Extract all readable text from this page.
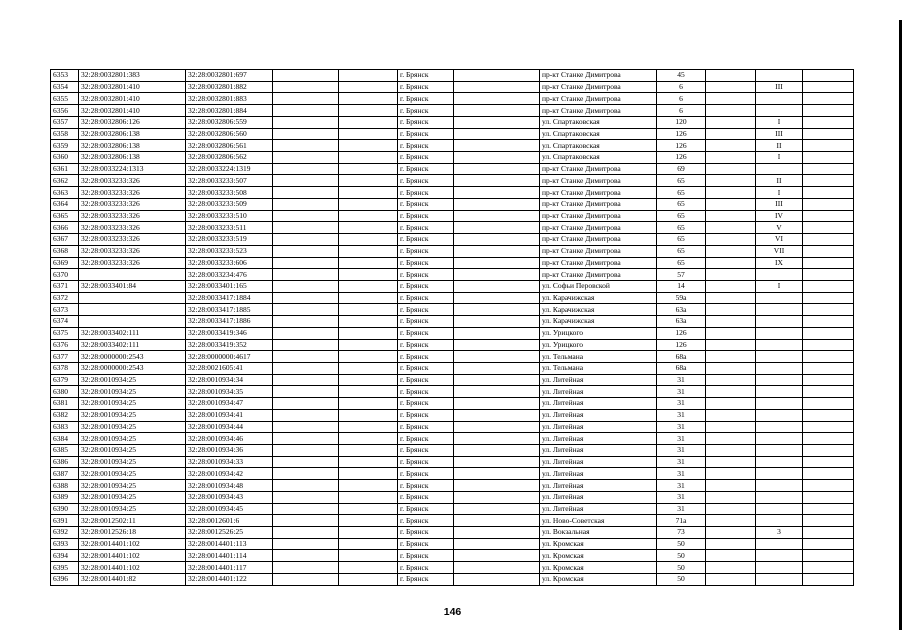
6353	32:28:0032801:383	32:28:0032801:697			г. Брянск		пр-кт Станке Димитрова	45			
6354	32:28:0032801:410	32:28:0032801:882			г. Брянск		пр-кт Станке Димитрова	6		III	
6355	32:28:0032801:410	32:28:0032801:883			г. Брянск		пр-кт Станке Димитрова	6			
6356	32:28:0032801:410	32:28:0032801:884			г. Брянск		пр-кт Станке Димитрова	6			
6357	32:28:0032806:126	32:28:0032806:559			г. Брянск		ул. Спартаковская	120		I	
6358	32:28:0032806:138	32:28:0032806:560			г. Брянск		ул. Спартаковская	126		III	
6359	32:28:0032806:138	32:28:0032806:561			г. Брянск		ул. Спартаковская	126		II	
6360	32:28:0032806:138	32:28:0032806:562			г. Брянск		ул. Спартаковская	126		I	
6361	32:28:0033224:1313	32:28:0033224:1319			г. Брянск		пр-кт Станке Димитрова	69			
6362	32:28:0033233:326	32:28:0033233:507			г. Брянск		пр-кт Станке Димитрова	65		II	
6363	32:28:0033233:326	32:28:0033233:508			г. Брянск		пр-кт Станке Димитрова	65		I	
6364	32:28:0033233:326	32:28:0033233:509			г. Брянск		пр-кт Станке Димитрова	65		III	
6365	32:28:0033233:326	32:28:0033233:510			г. Брянск		пр-кт Станке Димитрова	65		IV	
6366	32:28:0033233:326	32:28:0033233:511			г. Брянск		пр-кт Станке Димитрова	65		V	
6367	32:28:0033233:326	32:28:0033233:519			г. Брянск		пр-кт Станке Димитрова	65		VI	
6368	32:28:0033233:326	32:28:0033233:523			г. Брянск		пр-кт Станке Димитрова	65		VII	
6369	32:28:0033233:326	32:28:0033233:606			г. Брянск		пр-кт Станке Димитрова	65		IX	
6370		32:28:0033234:476			г. Брянск		пр-кт Станке Димитрова	57			
6371	32:28:0033401:84	32:28:0033401:165			г. Брянск		ул. Софьи Перовской	14		I	
6372		32:28:0033417:1884			г. Брянск		ул. Карачижская	59а			
6373		32:28:0033417:1885			г. Брянск		ул. Карачижская	63а			
6374		32:28:0033417:1886			г. Брянск		ул. Карачижская	63а			
6375	32:28:0033402:111	32:28:0033419:346			г. Брянск		ул. Урицкого	126			
6376	32:28:0033402:111	32:28:0033419:352			г. Брянск		ул. Урицкого	126			
6377	32:28:0000000:2543	32:28:0000000:4617			г. Брянск		ул. Тельмана	68а			
6378	32:28:0000000:2543	32:28:0021605:41			г. Брянск		ул. Тельмана	68а			
6379	32:28:0010934:25	32:28:0010934:34			г. Брянск		ул. Литейная	31			
6380	32:28:0010934:25	32:28:0010934:35			г. Брянск		ул. Литейная	31			
6381	32:28:0010934:25	32:28:0010934:47			г. Брянск		ул. Литейная	31			
6382	32:28:0010934:25	32:28:0010934:41			г. Брянск		ул. Литейная	31			
6383	32:28:0010934:25	32:28:0010934:44			г. Брянск		ул. Литейная	31			
6384	32:28:0010934:25	32:28:0010934:46			г. Брянск		ул. Литейная	31			
6385	32:28:0010934:25	32:28:0010934:36			г. Брянск		ул. Литейная	31			
6386	32:28:0010934:25	32:28:0010934:33			г. Брянск		ул. Литейная	31			
6387	32:28:0010934:25	32:28:0010934:42			г. Брянск		ул. Литейная	31			
6388	32:28:0010934:25	32:28:0010934:48			г. Брянск		ул. Литейная	31			
6389	32:28:0010934:25	32:28:0010934:43			г. Брянск		ул. Литейная	31			
6390	32:28:0010934:25	32:28:0010934:45			г. Брянск		ул. Литейная	31			
6391	32:28:0012502:11	32:28:0012601:6			г. Брянск		ул. Ново-Советская	71а			
6392	32:28:0012526:18	32:28:0012526:25			г. Брянск		ул. Вокзальная	73		3	
6393	32:28:0014401:102	32:28:0014401:113			г. Брянск		ул. Кромская	50			
6394	32:28:0014401:102	32:28:0014401:114			г. Брянск		ул. Кромская	50			
6395	32:28:0014401:102	32:28:0014401:117			г. Брянск		ул. Кромская	50			
6396	32:28:0014401:82	32:28:0014401:122			г. Брянск		ул. Кромская	50			
146
